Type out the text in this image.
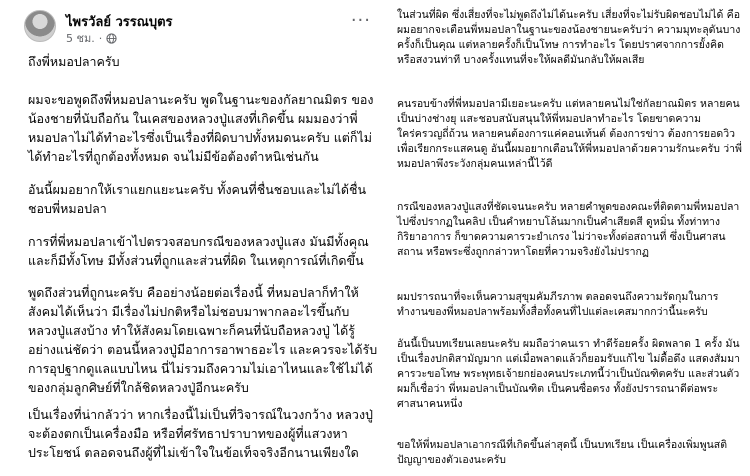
ไพรวัลย์ วรรณบุตร
5 ชม. ·
···

ถึงพี่หมอปลาครับ

ผมจะขอพูดถึงพี่หมอปลานะครับ พูดในฐานะของกัลยาณมิตร ของน้องชายที่นับถือกัน ในเคสของหลวงปู่แสงที่เกิดขึ้น ผมมองว่าพี่หมอปลาไม่ได้ทำอะไรซึ่งเป็นเรื่องที่ผิดบาปทั้งหมดนะครับ แต่ก็ไม่ได้ทำอะไรที่ถูกต้องทั้งหมด จนไม่มีข้อต้องตำหนิเช่นกัน

อันนี้ผมอยากให้เราแยกแยะนะครับ ทั้งคนที่ชื่นชอบและไม่ได้ชื่นชอบพี่หมอปลา

การที่พี่หมอปลาเข้าไปตรวจสอบกรณีของหลวงปู่แสง มันมีทั้งคุณและก็มีทั้งโทษ มีทั้งส่วนที่ถูกและส่วนที่ผิด ในเหตุการณ์ที่เกิดขึ้น

พูดถึงส่วนที่ถูกนะครับ คืออย่างน้อยต่อเรื่องนี้ ที่หมอปลาก็ทำให้สังคมได้เห็นว่า มีเรื่องไม่ปกติหรือไม่ชอบมาพากลอะไรขึ้นกับหลวงปู่แสงบ้าง ทำให้สังคมโดยเฉพาะก็คนที่นับถือหลวงปู่ ได้รู้อย่างแน่ชัดว่า ตอนนี้หลวงปู่มีอาการอาพาธอะไร และควรจะได้รับการอุปฐากดูแลแบบไหน นี่ไม่รวมถึงความไม่เอาไหนและใช้ไม่ได้ของกลุ่มลูกศิษย์ที่ใกล้ชิดหลวงปู่อีกนะครับ

เป็นเรื่องที่น่ากลัวว่า หากเรื่องนี้ไม่เป็นที่วิจารณ์ในวงกว้าง หลวงปู่จะต้องตกเป็นเครื่องมือ หรือที่ศรัทธาปราบาทของผู้ที่แสวงหาประโยชน์ ตลอดจนถึงผู้ที่ไม่เข้าใจในข้อเท็จจริงอีกนานเพียงใด

ในส่วนที่ผิด ซึ่งเสี่ยงที่จะไม่พูดถึงไม่ได้นะครับ เสี่ยงที่จะไม่รับผิดชอบไม่ได้ คือผมอยากจะเตือนพี่หมอปลาในฐานะของน้องชายนะครับว่า ความมุทะลุดันบางครั้งก็เป็นคุณ แต่หลายครั้งก็เป็นโทษ การทำอะไร โดยปราศจากการยั้งคิดหรือสงวนท่าที บางครั้งแทนที่จะให้ผลดีมันกลับให้ผลเสีย

คนรอบข้างที่พี่หมอปลามีเยอะนะครับ แต่หลายคนไม่ใช่กัลยาณมิตร หลายคนเป็นบ่างช่างยุ แสะชอบสนับสนุนให้พี่หมอปลาทำอะไร โดยขาดความใคร่ครวญถี่ถ้วน หลายคนต้องการแค่คอนเท้นต์ ต้องการข่าว ต้องการยอดวิวเพื่อเรียกกระแสคนดู อันนี้ผมอยากเตือนให้พี่หมอปลาด้วยความรักนะครับ ว่าพี่หมอปลาพึงระวังกลุ่มคนเหล่านี้ไว้ดี

กรณีของหลวงปู่แสงที่ชัดเจนนะครับ หลายคำพูดของคณะที่ติดตามพี่หมอปลาไปซึ่งปรากฏในคลิป เป็นคำหยาบโล้นมากเป็นคำเสียดสี ดูหมิ่น ทั้งท่าทางกิริยาอาการ ก็ขาดความคารวะยำเกรง ไม่ว่าจะทั้งต่อสถานที่ ซึ่งเป็นศาสนสถาน หรือพระซึ่งถูกกล่าวหาโดยที่ความจริงยังไม่ปรากฏ

ผมปรารถนาที่จะเห็นความสุขุมคัมภีรภาพ ตลอดจนถึงความรัดกุมในการทำงานของพี่หมอปลาพร้อมทั้งสื่อทั้งคนที่ไปแต่ละเคสมากกว่านี้นะครับ

อันนี้เป็นบทเรียนเลยนะครับ ผมถือว่าคนเรา ทำดีร้อยครั้ง ผิดพลาด 1 ครั้ง มันเป็นเรื่องปกติสามัญมาก แต่เมื่อพลาดแล้วก็ยอมรับแก้ไข ไม่ดื้อดึง แสดงสัมมาคารวะขอโทษ พระพุทธเจ้ายกย่องคนประเภทนี้ว่าเป็นบัณฑิตครับ และส่วนตัวผมก็เชื่อว่า พี่หมอปลาเป็นบัณฑิต เป็นคนซื่อตรง ทั้งยังปรารถนาดีต่อพระศาสนาคนหนึ่ง

ขอให้พี่หมอปลาเอากรณีที่เกิดขึ้นล่าสุดนี้ เป็นบทเรียน เป็นเครื่องเพิ่มพูนสติปัญญาของตัวเองนะครับ
